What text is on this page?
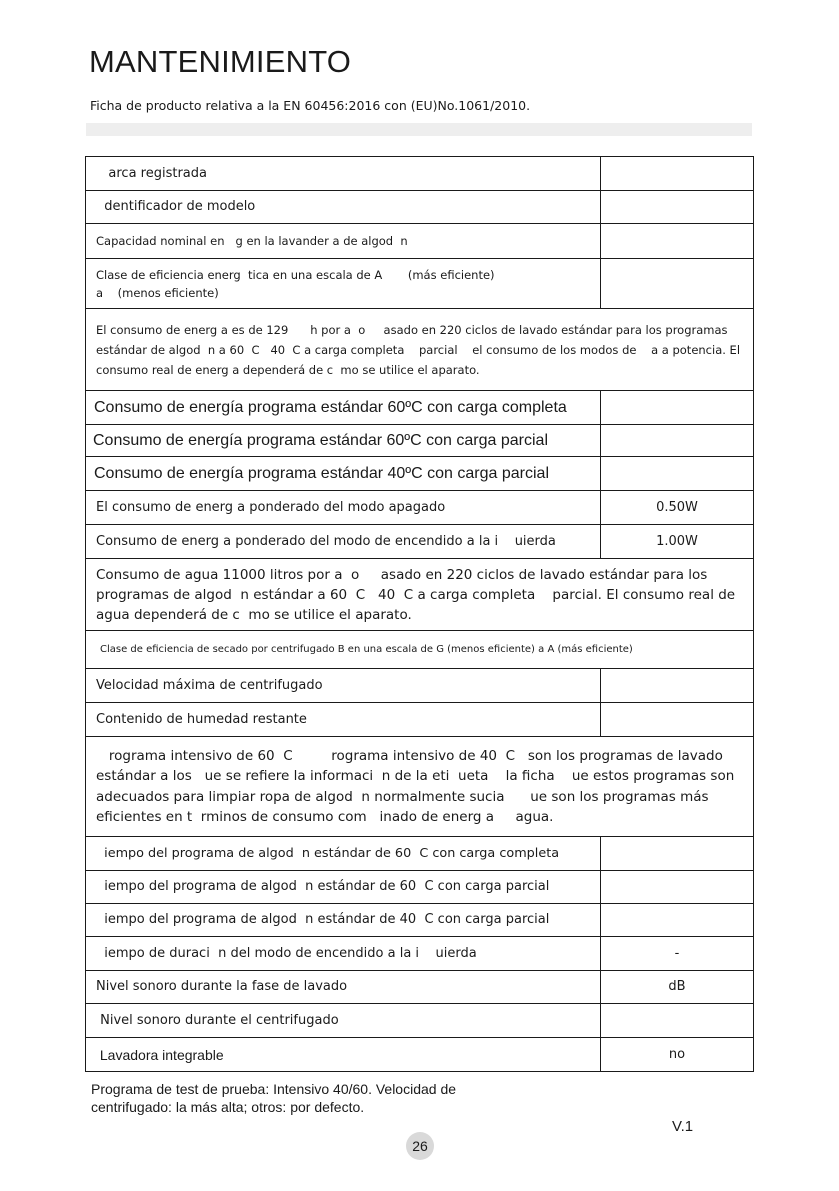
MANTENIMIENTO
Ficha de producto relativa a la EN 60456:2016 con (EU)No.1061/2010.
arca registrada	
dentificador de modelo	
Capacidad nominal en   g en la lavander a de algod  n	
Clase de eficiencia energ  tica en una escala de A       (más eficiente) a    (menos eficiente)	
El consumo de energ a es de 129      h por a  o     asado en 220 ciclos de lavado estándar para los programas estándar de algod  n a 60  C   40  C a carga completa    parcial    el consumo de los modos de    a a potencia. El consumo real de energ a dependerá de c  mo se utilice el aparato.	
Consumo de energía programa estándar 60ºC con carga completa	
Consumo de energía programa estándar 60ºC con carga parcial	
Consumo de energía programa estándar 40ºC con carga parcial	
El consumo de energ a ponderado del modo apagado	0.50W
Consumo de energ a ponderado del modo de encendido a la i    uierda	1.00W
Consumo de agua 11000 litros por a  o     asado en 220 ciclos de lavado estándar para los programas de algod  n estándar a 60  C   40  C a carga completa    parcial. El consumo real de agua dependerá de c  mo se utilice el aparato.	
Clase de eficiencia de secado por centrifugado B en una escala de G (menos eficiente) a A (más eficiente)	
Velocidad máxima de centrifugado	
Contenido de humedad restante	
rograma intensivo de 60  C         rograma intensivo de 40  C   son los programas de lavado estándar a los   ue se refiere la informaci  n de la eti  ueta    la ficha    ue estos programas son adecuados para limpiar ropa de algod  n normalmente sucia      ue son los programas más eficientes en t  rminos de consumo com   inado de energ a     agua.	
iempo del programa de algod  n estándar de 60  C con carga completa	
iempo del programa de algod  n estándar de 60  C con carga parcial	
iempo del programa de algod  n estándar de 40  C con carga parcial	
iempo de duraci  n del modo de encendido a la i    uierda	-
Nivel sonoro durante la fase de lavado	dB
Nivel sonoro durante el centrifugado	
Lavadora integrable	no
Programa de test de prueba: Intensivo 40/60. Velocidad de centrifugado: la más alta; otros: por defecto.
V.1
26
